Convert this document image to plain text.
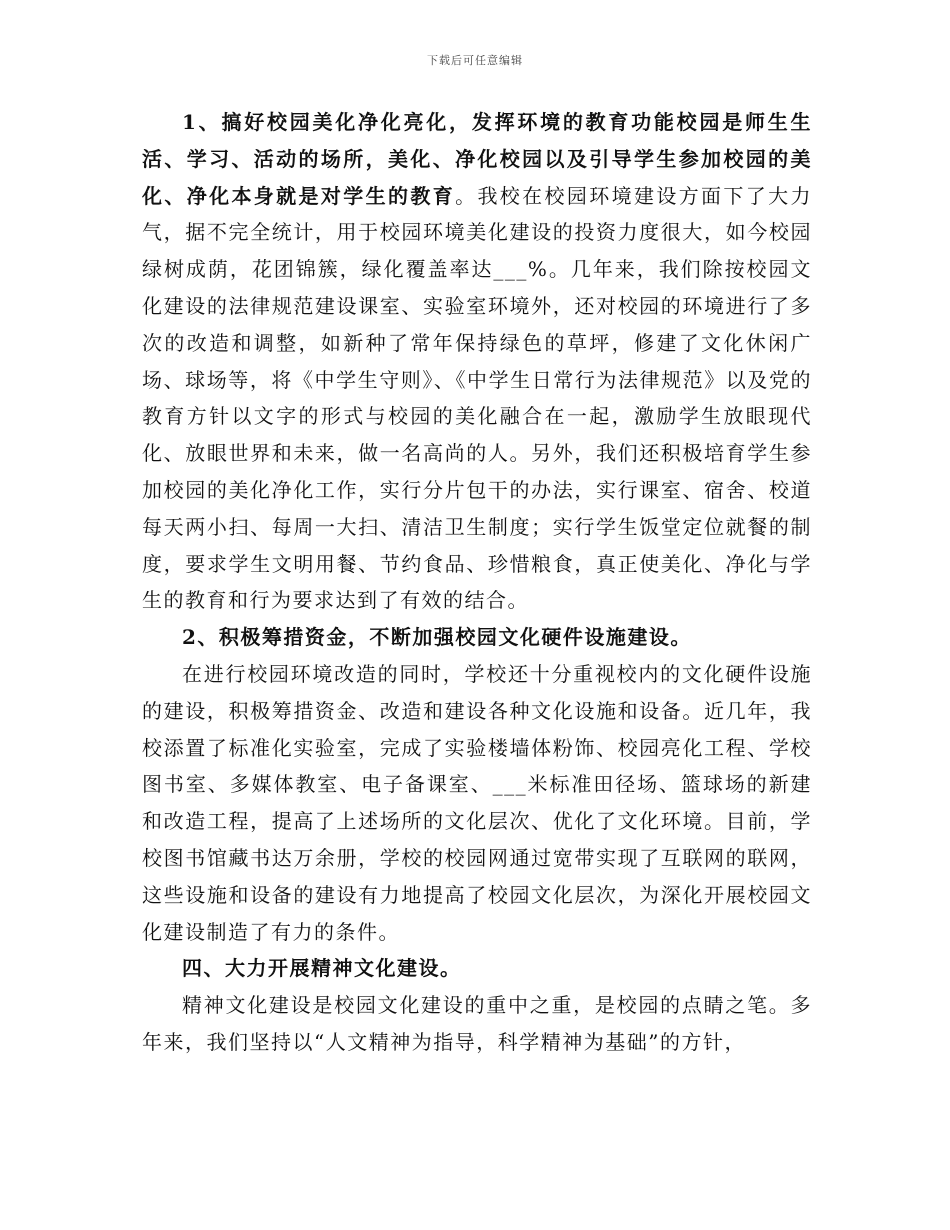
下载后可任意编辑

1、搞好校园美化净化亮化，发挥环境的教育功能校园是师生生活、学习、活动的场所，美化、净化校园以及引导学生参加校园的美化、净化本身就是对学生的教育。我校在校园环境建设方面下了大力气，据不完全统计，用于校园环境美化建设的投资力度很大，如今校园绿树成荫，花团锦簇，绿化覆盖率达___%。几年来，我们除按校园文化建设的法律规范建设课室、实验室环境外，还对校园的环境进行了多次的改造和调整，如新种了常年保持绿色的草坪，修建了文化休闲广场、球场等，将《中学生守则》、《中学生日常行为法律规范》以及党的教育方针以文字的形式与校园的美化融合在一起，激励学生放眼现代化、放眼世界和未来，做一名高尚的人。另外，我们还积极培育学生参加校园的美化净化工作，实行分片包干的办法，实行课室、宿舍、校道每天两小扫、每周一大扫、清洁卫生制度；实行学生饭堂定位就餐的制度，要求学生文明用餐、节约食品、珍惜粮食，真正使美化、净化与学生的教育和行为要求达到了有效的结合。

2、积极筹措资金，不断加强校园文化硬件设施建设。

在进行校园环境改造的同时，学校还十分重视校内的文化硬件设施的建设，积极筹措资金、改造和建设各种文化设施和设备。近几年，我校添置了标准化实验室，完成了实验楼墙体粉饰、校园亮化工程、学校图书室、多媒体教室、电子备课室、___米标准田径场、篮球场的新建和改造工程，提高了上述场所的文化层次、优化了文化环境。目前，学校图书馆藏书达万余册，学校的校园网通过宽带实现了互联网的联网，这些设施和设备的建设有力地提高了校园文化层次，为深化开展校园文化建设制造了有力的条件。

四、大力开展精神文化建设。

精神文化建设是校园文化建设的重中之重，是校园的点睛之笔。多年来，我们坚持以“人文精神为指导，科学精神为基础”的方针，
